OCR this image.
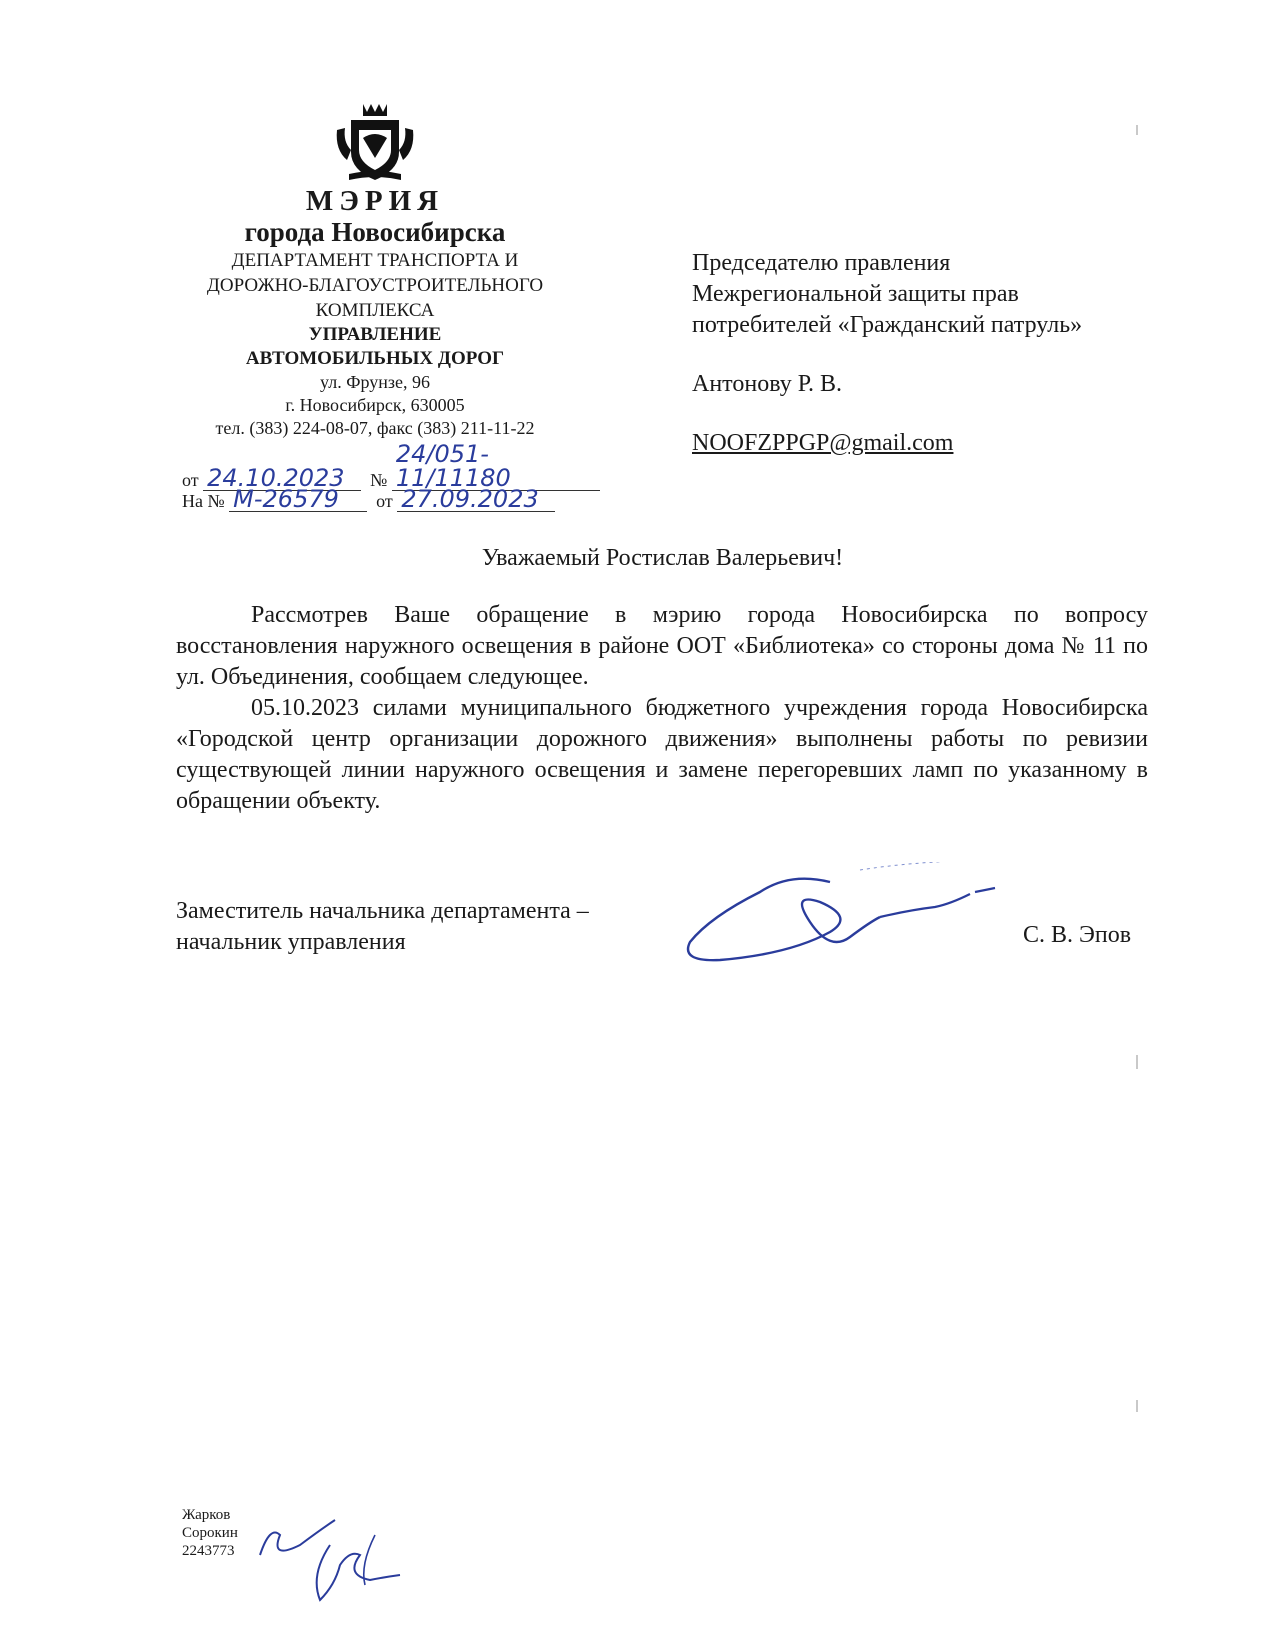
МЭРИЯ
города Новосибирска
ДЕПАРТАМЕНТ ТРАНСПОРТА И
ДОРОЖНО-БЛАГОУСТРОИТЕЛЬНОГО
КОМПЛЕКСА
УПРАВЛЕНИЕ
АВТОМОБИЛЬНЫХ ДОРОГ
ул. Фрунзе, 96
г. Новосибирск, 630005
тел. (383) 224-08-07, факс (383) 211-11-22
от 24.10.2023 № 24/051-11/11180
На № М-26579 от 27.09.2023
Председателю правления
Межрегиональной защиты прав
потребителей «Гражданский патруль»
Антонову Р. В.
NOOFZPPGP@gmail.com
Уважаемый Ростислав Валерьевич!

Рассмотрев Ваше обращение в мэрию города Новосибирска по вопросу восстановления наружного освещения в районе ООТ «Библиотека» со стороны дома № 11 по ул. Объединения, сообщаем следующее.

05.10.2023 силами муниципального бюджетного учреждения города Новосибирска «Городской центр организации дорожного движения» выполнены работы по ревизии существующей линии наружного освещения и замене перегоревших ламп по указанному в обращении объекту.

Заместитель начальника департамента –
начальник управления	С. В. Эпов
Жарков
Сорокин
2243773
